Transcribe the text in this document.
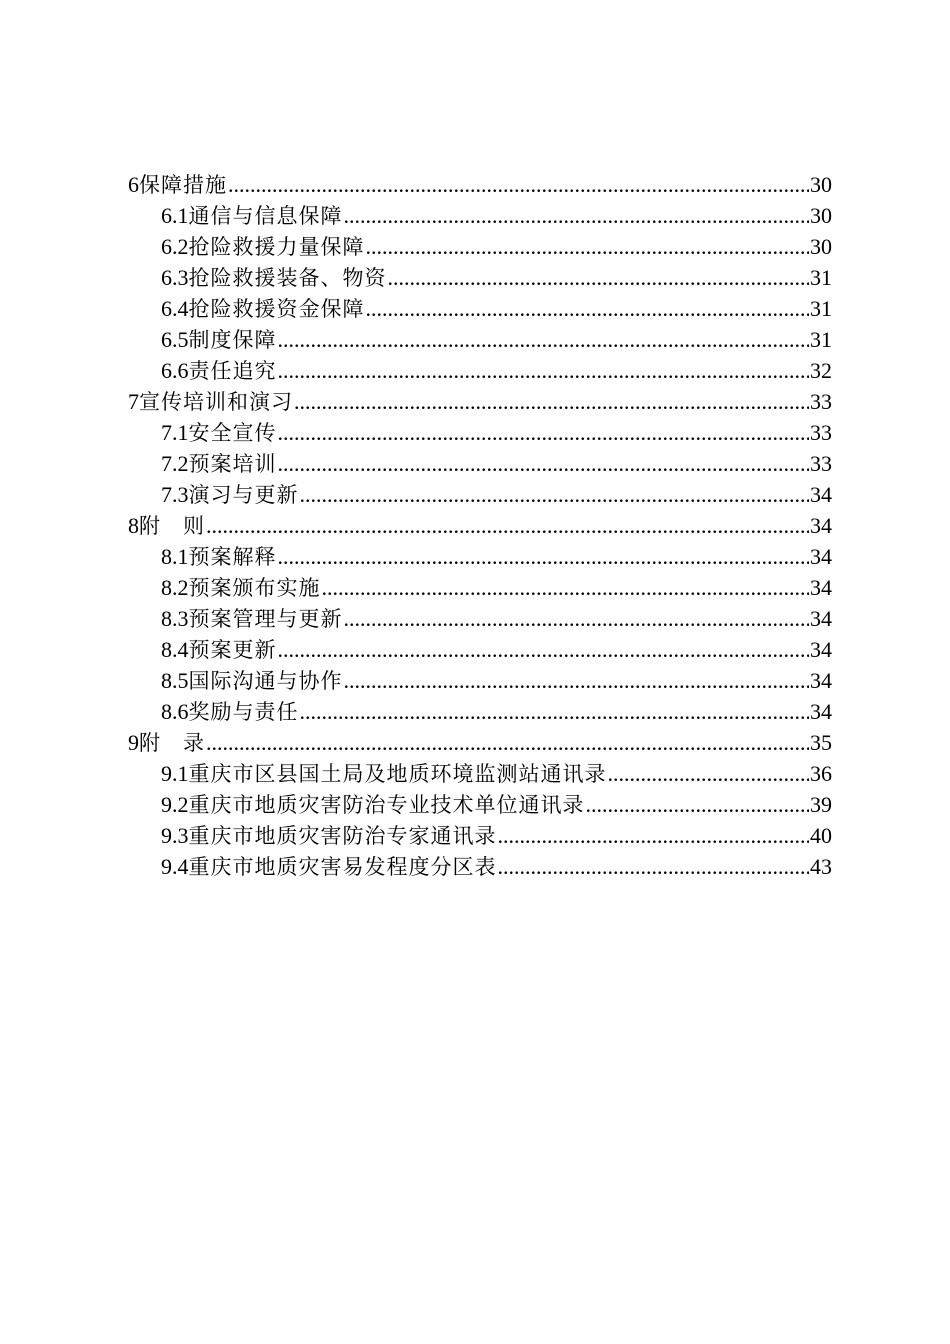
6 保障措施 .....	30
6.1 通信与信息保障 .....	30
6.2 抢险救援力量保障 .....	30
6.3 抢险救援装备、物资 .....	31
6.4 抢险救援资金保障 .....	31
6.5 制度保障 .....	31
6.6 责任追究 .....	32
7 宣传培训和演习 .....	33
7.1 安全宣传 .....	33
7.2 预案培训 .....	33
7.3 演习与更新 .....	34
8 附　则 .....	34
8.1 预案解释 .....	34
8.2 预案颁布实施 .....	34
8.3 预案管理与更新 .....	34
8.4 预案更新 .....	34
8.5 国际沟通与协作 .....	34
8.6 奖励与责任 .....	34
9 附　录 .....	35
9.1 重庆市区县国土局及地质环境监测站通讯录 .....	36
9.2 重庆市地质灾害防治专业技术单位通讯录 .....	39
9.3 重庆市地质灾害防治专家通讯录 .....	40
9.4 重庆市地质灾害易发程度分区表 .....	43
